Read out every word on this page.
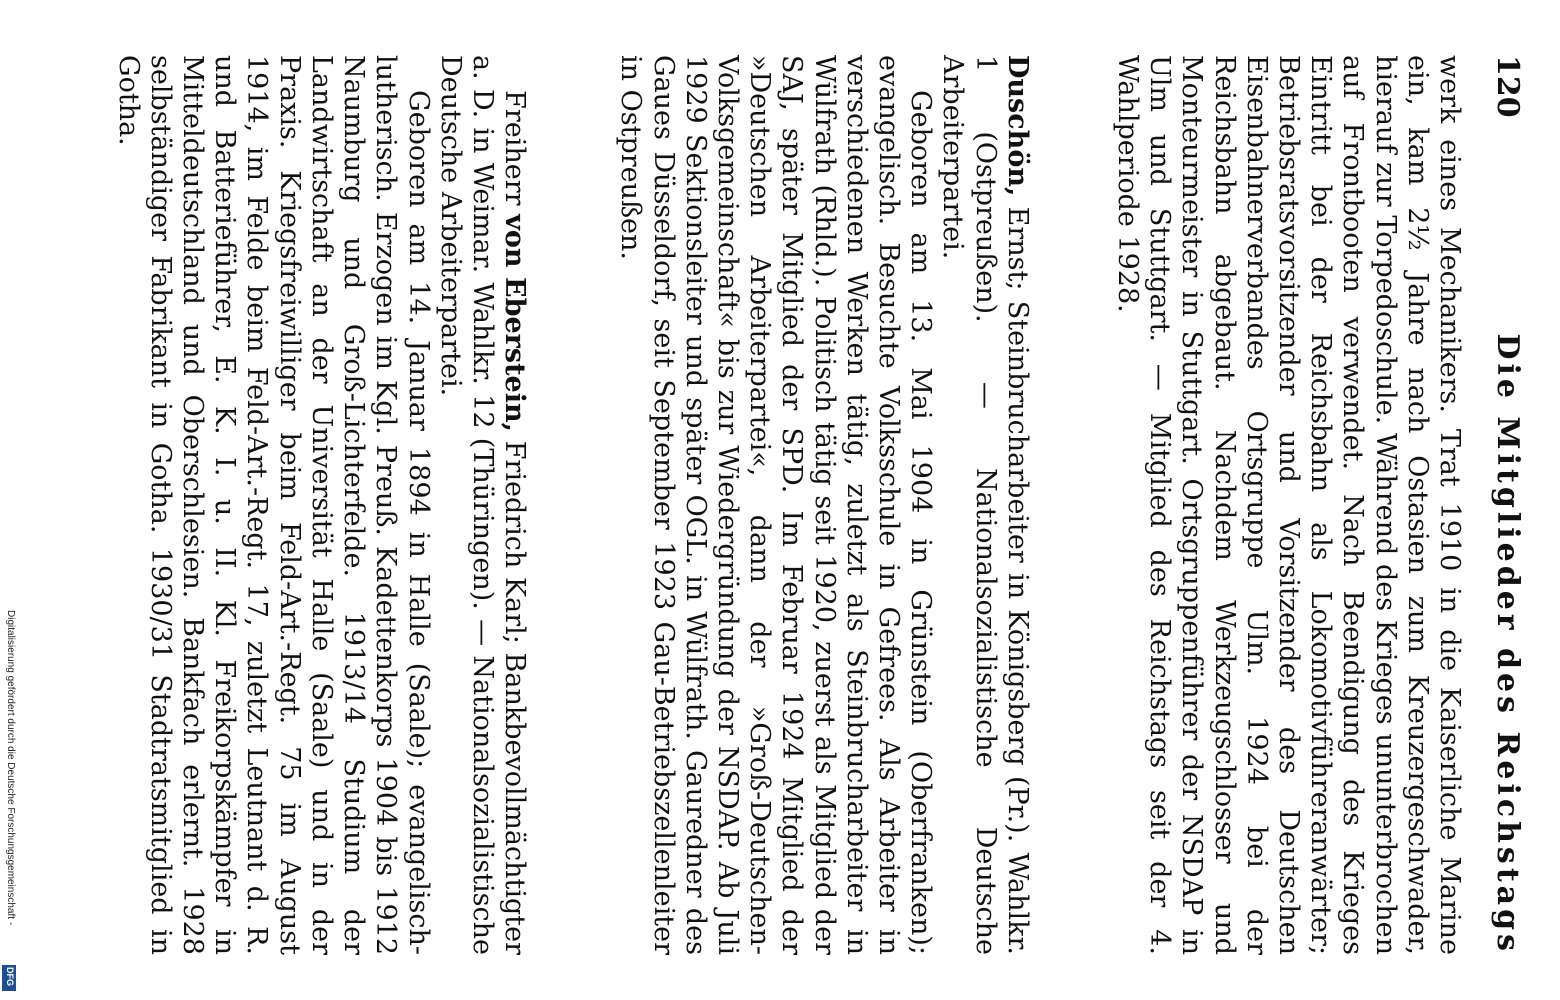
120
Die Mitglieder des Reichstags

werk eines Mechanikers. Trat 1910 in die Kaiserliche Marine ein, kam 2½ Jahre nach Ostasien zum Kreuzergeschwader, hierauf zur Torpedoschule. Während des Krieges ununterbrochen auf Frontbooten verwendet. Nach Beendigung des Krieges Eintritt bei der Reichsbahn als Lokomotivführeranwärter; Betriebsratsvorsitzender und Vorsitzender des Deutschen Eisenbahnerverbandes Ortsgruppe Ulm. 1924 bei der Reichsbahn abgebaut. Nachdem Werkzeugschlosser und Monteurmeister in Stuttgart. Ortsgruppenführer der NSDAP in Ulm und Stuttgart. — Mitglied des Reichstags seit der 4. Wahlperiode 1928.

Duschön, Ernst; Steinbrucharbeiter in Königsberg (Pr.). Wahlkr. 1 (Ostpreußen). — Nationalsozialistische Deutsche Arbeiterpartei.

Geboren am 13. Mai 1904 in Grünstein (Oberfranken); evangelisch. Besuchte Volksschule in Gefrees. Als Arbeiter in verschiedenen Werken tätig, zuletzt als Steinbrucharbeiter in Wülfrath (Rhld.). Politisch tätig seit 1920, zuerst als Mitglied der SAJ, später Mitglied der SPD. Im Februar 1924 Mitglied der »Deutschen Arbeiterpartei«, dann der »Groß-Deutschen-Volksgemeinschaft« bis zur Wiedergründung der NSDAP. Ab Juli 1929 Sektionsleiter und später OGL. in Wülfrath. Gauredner des Gaues Düsseldorf, seit September 1923 Gau-Betriebszellenleiter in Ostpreußen.

Freiherr von Eberstein, Friedrich Karl; Bankbevollmächtigter a. D. in Weimar. Wahlkr. 12 (Thüringen). — Nationalsozialistische Deutsche Arbeiterpartei.

Geboren am 14. Januar 1894 in Halle (Saale); evangelisch-lutherisch. Erzogen im Kgl. Preuß. Kadettenkorps 1904 bis 1912 Naumburg und Groß-Lichterfelde. 1913/14 Studium der Landwirtschaft an der Universität Halle (Saale) und in der Praxis. Kriegsfreiwilliger beim Feld-Art.-Regt. 75 im August 1914, im Felde beim Feld-Art.-Regt. 17, zuletzt Leutnant d. R. und Batterieführer, E. K. I. u. II. Kl. Freikorpskämpfer in Mitteldeutschland und Oberschlesien. Bankfach erlernt. 1928 selbständiger Fabrikant in Gotha. 1930/31 Stadtratsmitglied in Gotha.

Digitalisierung gefördert durch die Deutsche Forschungsgemeinschaft -
DFG
